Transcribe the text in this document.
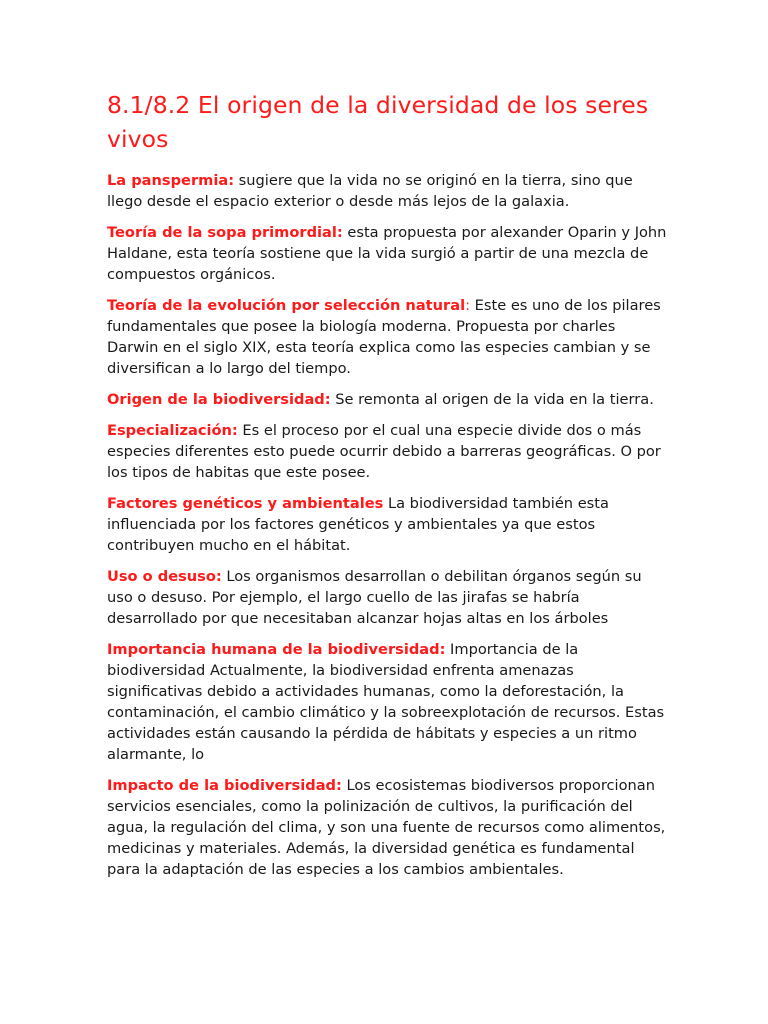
8.1/8.2 El origen de la diversidad de los seres vivos

La panspermia: sugiere que la vida no se originó en la tierra, sino que llego desde el espacio exterior o desde más lejos de la galaxia.

Teoría de la sopa primordial: esta propuesta por alexander Oparin y John Haldane, esta teoría sostiene que la vida surgió a partir de una mezcla de compuestos orgánicos.

Teoría de la evolución por selección natural: Este es uno de los pilares fundamentales que posee la biología moderna. Propuesta por charles Darwin en el siglo XIX, esta teoría explica como las especies cambian y se diversifican a lo largo del tiempo.

Origen de la biodiversidad: Se remonta al origen de la vida en la tierra.

Especialización: Es el proceso por el cual una especie divide dos o más especies diferentes esto puede ocurrir debido a barreras geográficas. O por los tipos de habitas que este posee.

Factores genéticos y ambientales La biodiversidad también esta influenciada por los factores genéticos y ambientales ya que estos contribuyen mucho en el hábitat.

Uso o desuso: Los organismos desarrollan o debilitan órganos según su uso o desuso. Por ejemplo, el largo cuello de las jirafas se habría desarrollado por que necesitaban alcanzar hojas altas en los árboles

Importancia humana de la biodiversidad: Importancia de la biodiversidad Actualmente, la biodiversidad enfrenta amenazas significativas debido a actividades humanas, como la deforestación, la contaminación, el cambio climático y la sobreexplotación de recursos. Estas actividades están causando la pérdida de hábitats y especies a un ritmo alarmante, lo

Impacto de la biodiversidad: Los ecosistemas biodiversos proporcionan servicios esenciales, como la polinización de cultivos, la purificación del agua, la regulación del clima, y son una fuente de recursos como alimentos, medicinas y materiales. Además, la diversidad genética es fundamental para la adaptación de las especies a los cambios ambientales.
